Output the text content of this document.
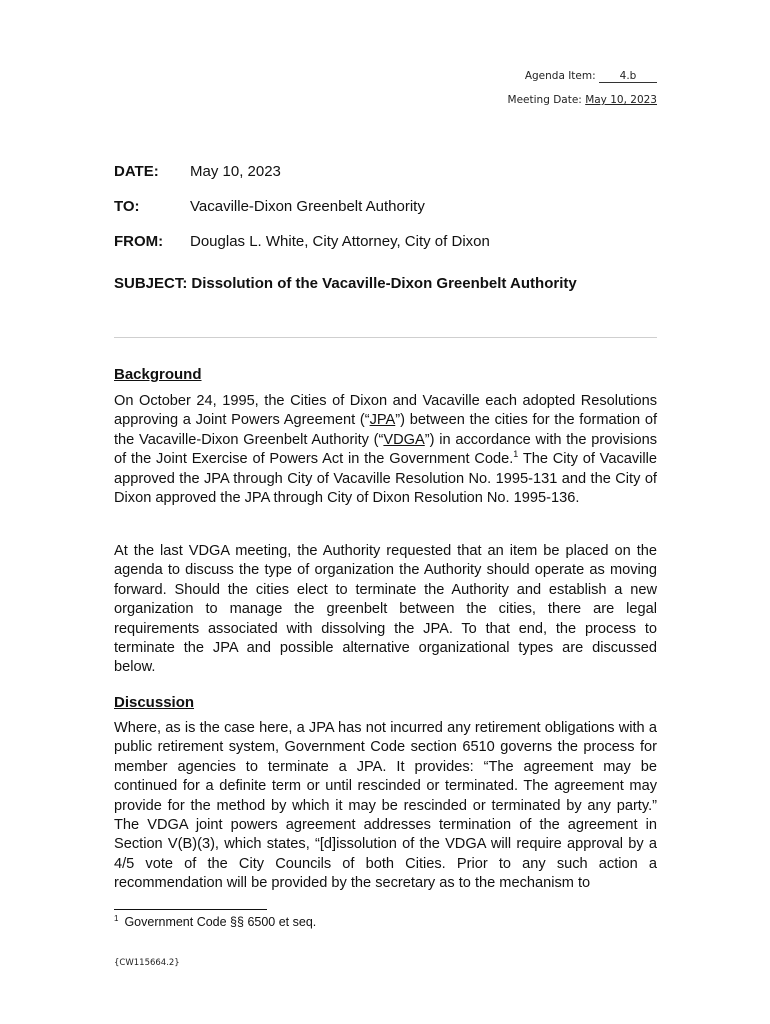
Agenda Item: 4.b
Meeting Date: May 10, 2023
DATE: May 10, 2023
TO:	Vacaville-Dixon Greenbelt Authority
FROM: Douglas L. White, City Attorney, City of Dixon
SUBJECT: Dissolution of the Vacaville-Dixon Greenbelt Authority
Background

On October 24, 1995, the Cities of Dixon and Vacaville each adopted Resolutions approving a Joint Powers Agreement (“JPA”) between the cities for the formation of the Vacaville-Dixon Greenbelt Authority (“VDGA”) in accordance with the provisions of the Joint Exercise of Powers Act in the Government Code.$^1$ The City of Vacaville approved the JPA through City of Vacaville Resolution No. 1995-131 and the City of Dixon approved the JPA through City of Dixon Resolution No. 1995-136.

At the last VDGA meeting, the Authority requested that an item be placed on the agenda to discuss the type of organization the Authority should operate as moving forward. Should the cities elect to terminate the Authority and establish a new organization to manage the greenbelt between the cities, there are legal requirements associated with dissolving the JPA. To that end, the process to terminate the JPA and possible alternative organizational types are discussed below.

Discussion

Where, as is the case here, a JPA has not incurred any retirement obligations with a public retirement system, Government Code section 6510 governs the process for member agencies to terminate a JPA. It provides: “The agreement may be continued for a definite term or until rescinded or terminated. The agreement may provide for the method by which it may be rescinded or terminated by any party.” The VDGA joint powers agreement addresses termination of the agreement in Section V(B)(3), which states, “[d]issolution of the VDGA will require approval by a 4/5 vote of the City Councils of both Cities. Prior to any such action a recommendation will be provided by the secretary as to the mechanism to

$^1$ Government Code §§ 6500 et seq.
{CW115664.2}
